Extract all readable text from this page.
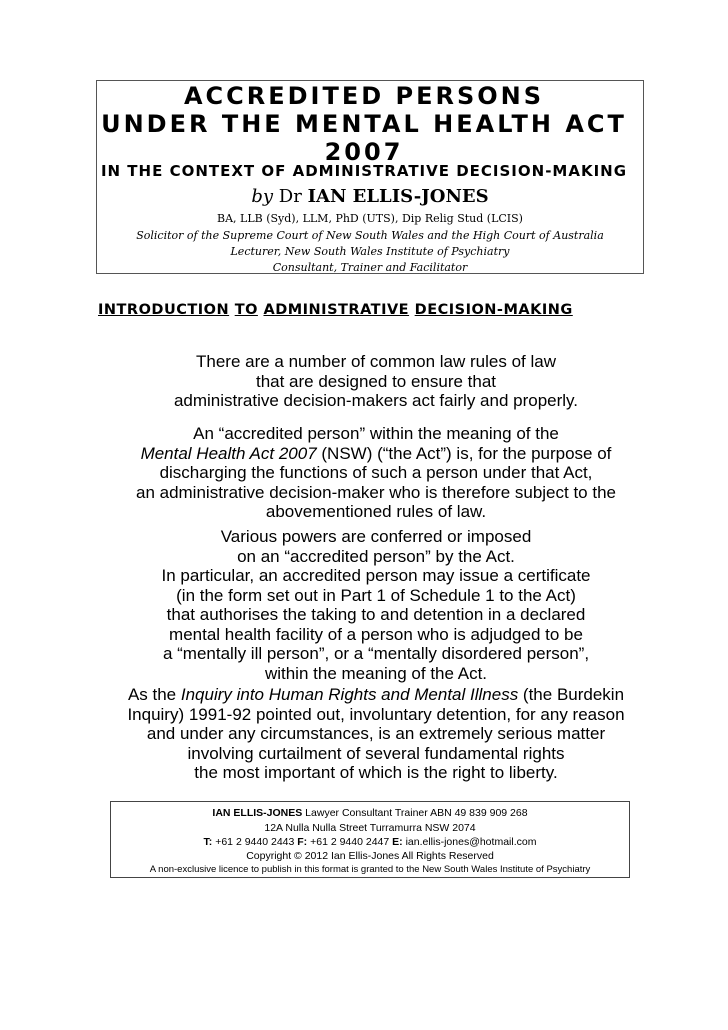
ACCREDITED PERSONS
UNDER THE MENTAL HEALTH ACT
2007
IN THE CONTEXT OF ADMINISTRATIVE DECISION-MAKING
by Dr IAN ELLIS-JONES
BA, LLB (Syd), LLM, PhD (UTS), Dip Relig Stud (LCIS)
Solicitor of the Supreme Court of New South Wales and the High Court of Australia
Lecturer, New South Wales Institute of Psychiatry
Consultant, Trainer and Facilitator
INTRODUCTION TO ADMINISTRATIVE DECISION-MAKING
There are a number of common law rules of law
that are designed to ensure that
administrative decision-makers act fairly and properly.
An “accredited person” within the meaning of the
Mental Health Act 2007 (NSW) (“the Act”) is, for the purpose of
discharging the functions of such a person under that Act,
an administrative decision-maker who is therefore subject to the
abovementioned rules of law.
Various powers are conferred or imposed
on an “accredited person” by the Act.
In particular, an accredited person may issue a certificate
(in the form set out in Part 1 of Schedule 1 to the Act)
that authorises the taking to and detention in a declared
mental health facility of a person who is adjudged to be
a “mentally ill person”, or a “mentally disordered person”,
within the meaning of the Act.
As the Inquiry into Human Rights and Mental Illness (the Burdekin
Inquiry) 1991-92 pointed out, involuntary detention, for any reason
and under any circumstances, is an extremely serious matter
involving curtailment of several fundamental rights
the most important of which is the right to liberty.
IAN ELLIS-JONES Lawyer Consultant Trainer ABN 49 839 909 268
12A Nulla Nulla Street Turramurra NSW 2074
T: +61 2 9440 2443 F: +61 2 9440 2447 E: ian.ellis-jones@hotmail.com
Copyright © 2012 Ian Ellis-Jones All Rights Reserved
A non-exclusive licence to publish in this format is granted to the New South Wales Institute of Psychiatry
